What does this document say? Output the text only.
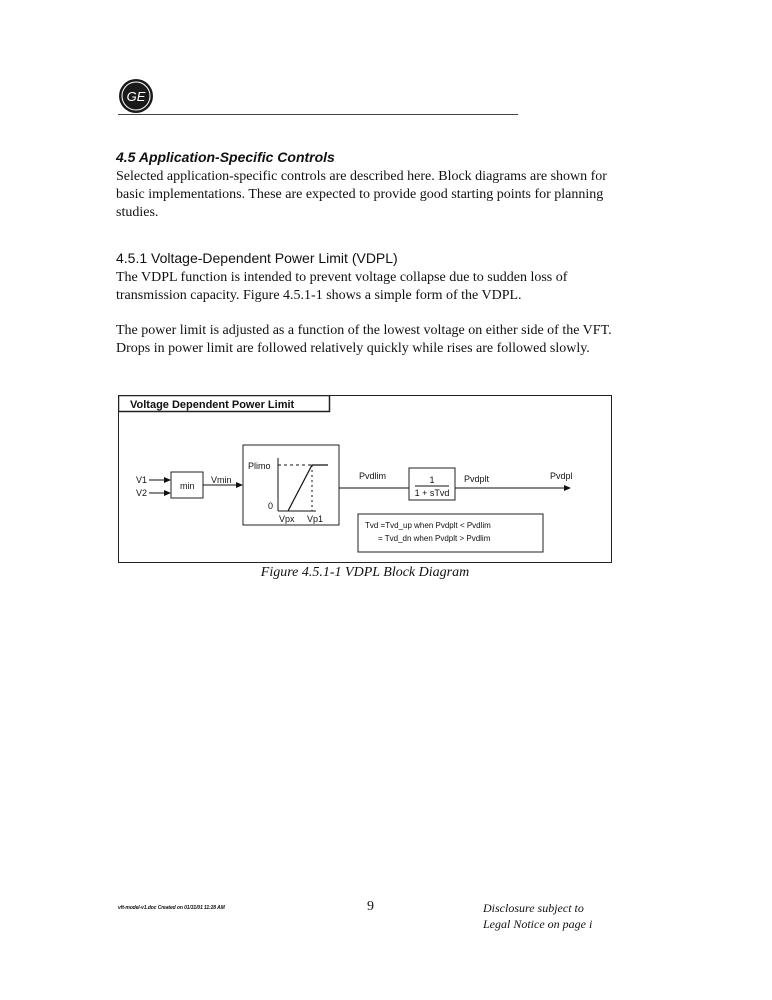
GE
4.5 Application-Specific Controls
Selected application-specific controls are described here. Block diagrams are shown for basic implementations. These are expected to provide good starting points for planning studies.
4.5.1 Voltage-Dependent Power Limit (VDPL)
The VDPL function is intended to prevent voltage collapse due to sudden loss of transmission capacity. Figure 4.5.1-1 shows a simple form of the VDPL.
The power limit is adjusted as a function of the lowest voltage on either side of the VFT. Drops in power limit are followed relatively quickly while rises are followed slowly.
Voltage Dependent Power Limit
V1
V2
min
Vmin
Plimo
0
Vpx Vp1
Pvdlim	1
1 + sTvd
Pvdplt	Pvdpl
Tvd =Tvd_up when Pvdplt < Pvdlim
= Tvd_dn when Pvdplt > Pvdlim
Figure 4.5.1-1 VDPL Block Diagram
vft-model-v1.doc Created on 01/31/01 11:28 AM	9	Disclosure subject to
Legal Notice on page i
